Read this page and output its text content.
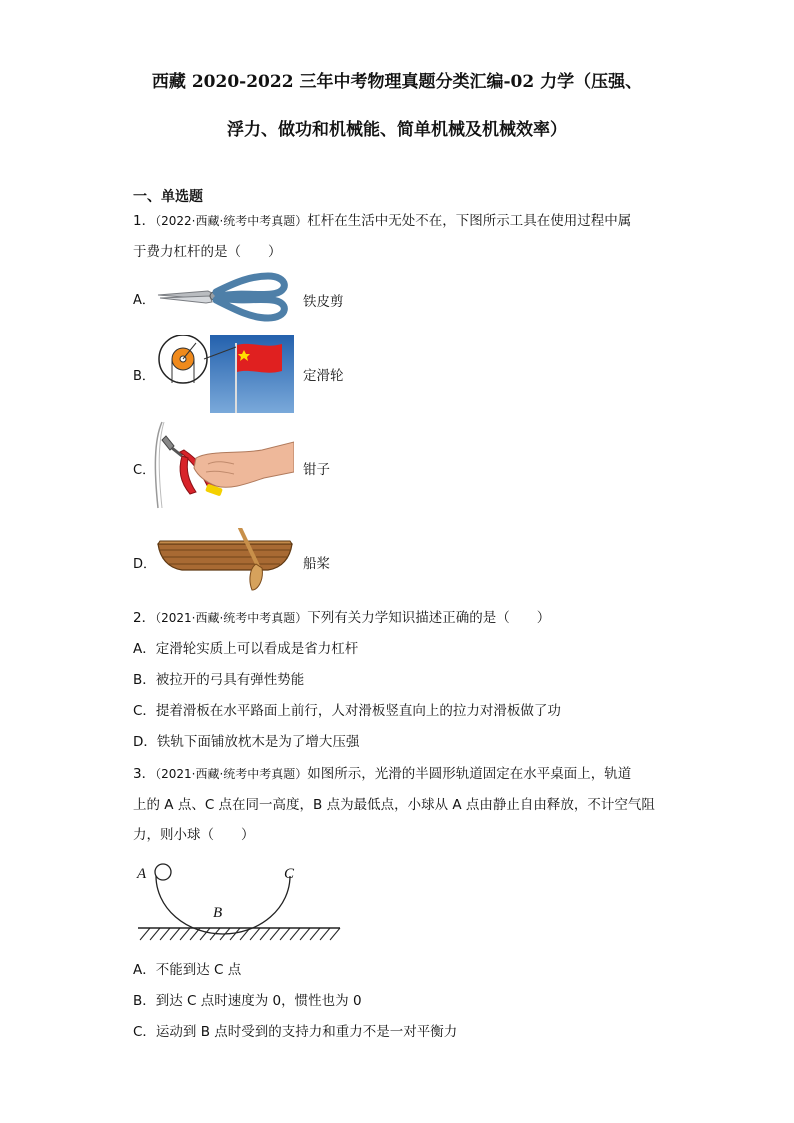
西藏 2020-2022 三年中考物理真题分类汇编-02 力学（压强、
浮力、做功和机械能、简单机械及机械效率）
一、单选题
1．（2022·西藏·统考中考真题）杠杆在生活中无处不在，下图所示工具在使用过程中属
于费力杠杆的是（　　）
A．	铁皮剪
B．	定滑轮
C．	钳子
D．	船桨
2．（2021·西藏·统考中考真题）下列有关力学知识描述正确的是（　　）
A．定滑轮实质上可以看成是省力杠杆
B．被拉开的弓具有弹性势能
C．提着滑板在水平路面上前行，人对滑板竖直向上的拉力对滑板做了功
D．铁轨下面铺放枕木是为了增大压强
3．（2021·西藏·统考中考真题）如图所示，光滑的半圆形轨道固定在水平桌面上，轨道
上的 A 点、C 点在同一高度，B 点为最低点，小球从 A 点由静止自由释放，不计空气阻
力，则小球（　　）
A
B
C
A．不能到达 C 点
B．到达 C 点时速度为 0，惯性也为 0
C．运动到 B 点时受到的支持力和重力不是一对平衡力
